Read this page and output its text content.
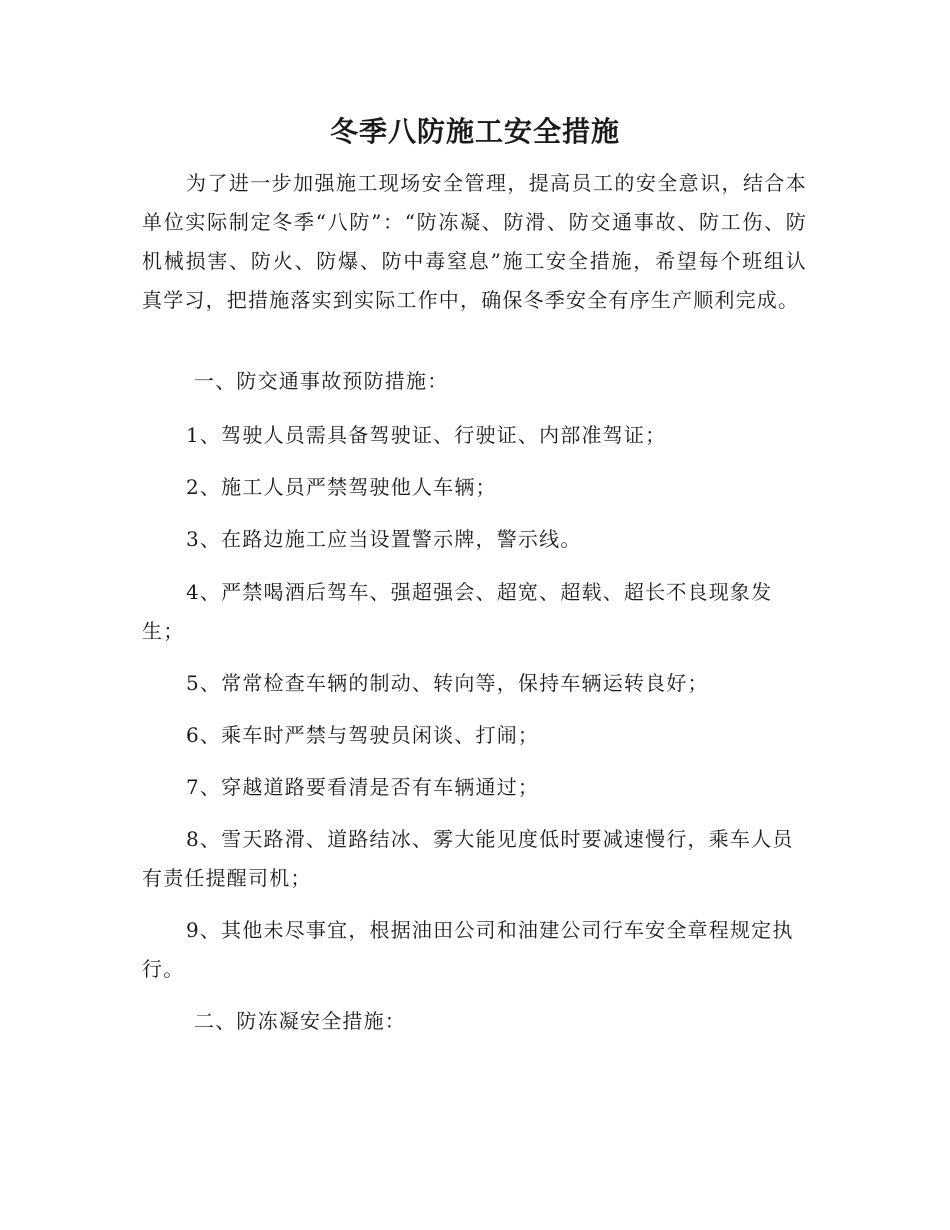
冬季八防施工安全措施

为了进一步加强施工现场安全管理，提高员工的安全意识，结合本单位实际制定冬季“八防”：“防冻凝、防滑、防交通事故、防工伤、防机械损害、防火、防爆、防中毒窒息”施工安全措施，希望每个班组认真学习，把措施落实到实际工作中，确保冬季安全有序生产顺利完成。

一、防交通事故预防措施：

1、驾驶人员需具备驾驶证、行驶证、内部准驾证；

2、施工人员严禁驾驶他人车辆；

3、在路边施工应当设置警示牌，警示线。

4、严禁喝酒后驾车、强超强会、超宽、超载、超长不良现象发生；

5、常常检查车辆的制动、转向等，保持车辆运转良好；

6、乘车时严禁与驾驶员闲谈、打闹；

7、穿越道路要看清是否有车辆通过；

8、雪天路滑、道路结冰、雾大能见度低时要减速慢行，乘车人员有责任提醒司机；

9、其他未尽事宜，根据油田公司和油建公司行车安全章程规定执行。

二、防冻凝安全措施：
